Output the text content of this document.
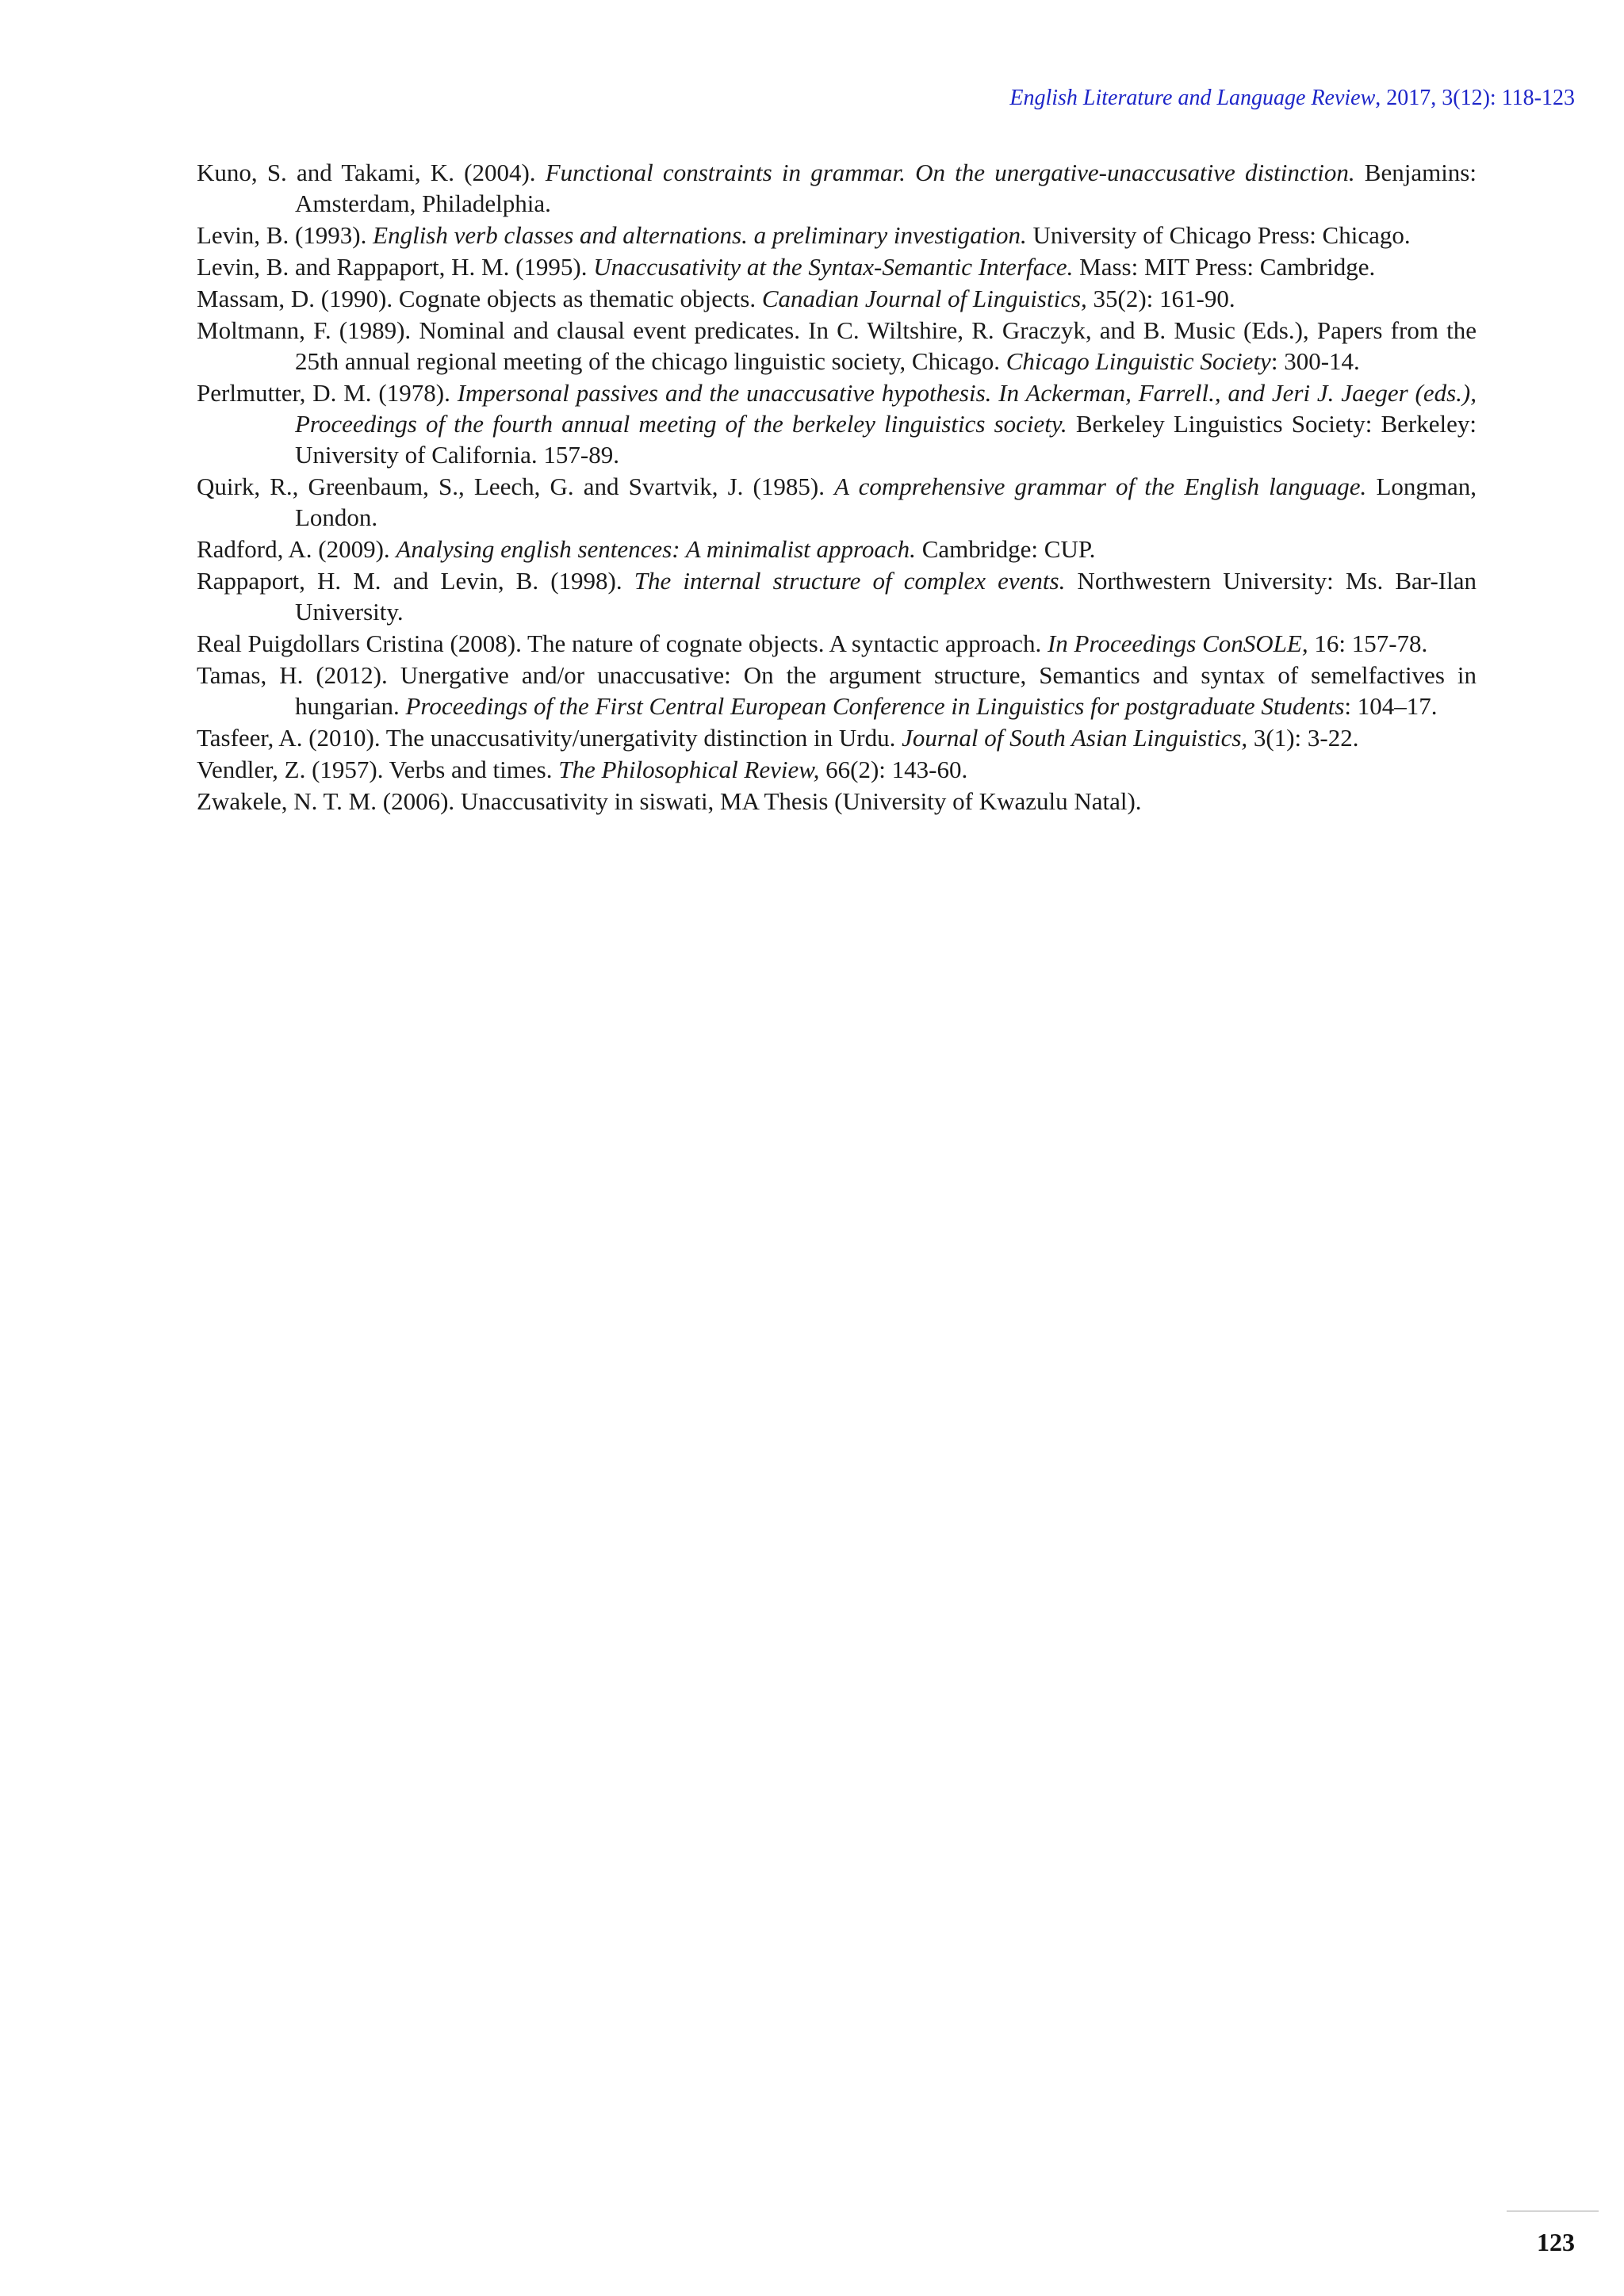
English Literature and Language Review, 2017, 3(12): 118-123
Kuno, S. and Takami, K. (2004). Functional constraints in grammar. On the unergative-unaccusative distinction. Benjamins: Amsterdam, Philadelphia.
Levin, B. (1993). English verb classes and alternations. a preliminary investigation. University of Chicago Press: Chicago.
Levin, B. and Rappaport, H. M. (1995). Unaccusativity at the Syntax-Semantic Interface. Mass: MIT Press: Cambridge.
Massam, D. (1990). Cognate objects as thematic objects. Canadian Journal of Linguistics, 35(2): 161-90.
Moltmann, F. (1989). Nominal and clausal event predicates. In C. Wiltshire, R. Graczyk, and B. Music (Eds.), Papers from the 25th annual regional meeting of the chicago linguistic society, Chicago. Chicago Linguistic Society: 300-14.
Perlmutter, D. M. (1978). Impersonal passives and the unaccusative hypothesis. In Ackerman, Farrell., and Jeri J. Jaeger (eds.), Proceedings of the fourth annual meeting of the berkeley linguistics society. Berkeley Linguistics Society: Berkeley: University of California. 157-89.
Quirk, R., Greenbaum, S., Leech, G. and Svartvik, J. (1985). A comprehensive grammar of the English language. Longman, London.
Radford, A. (2009). Analysing english sentences: A minimalist approach. Cambridge: CUP.
Rappaport, H. M. and Levin, B. (1998). The internal structure of complex events. Northwestern University: Ms. Bar-Ilan University.
Real Puigdollars Cristina (2008). The nature of cognate objects. A syntactic approach. In Proceedings ConSOLE, 16: 157-78.
Tamas, H. (2012). Unergative and/or unaccusative: On the argument structure, Semantics and syntax of semelfactives in hungarian. Proceedings of the First Central European Conference in Linguistics for postgraduate Students: 104–17.
Tasfeer, A. (2010). The unaccusativity/unergativity distinction in Urdu. Journal of South Asian Linguistics, 3(1): 3-22.
Vendler, Z. (1957). Verbs and times. The Philosophical Review, 66(2): 143-60.
Zwakele, N. T. M. (2006). Unaccusativity in siswati, MA Thesis (University of Kwazulu Natal).
123
